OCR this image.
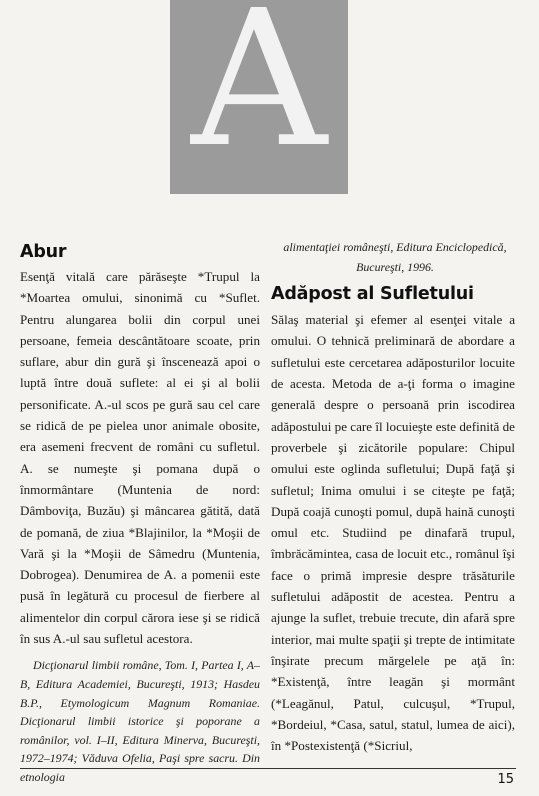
A
Abur

Esenţă vitală care părăseşte *Trupul la *Moartea omului, sinonimă cu *Suflet. Pentru alungarea bolii din corpul unei persoane, femeia descântătoare scoate, prin suflare, abur din gură şi înscenează apoi o luptă între două suflete: al ei şi al bolii personificate. A.-ul scos pe gură sau cel care se ridică de pe pielea unor animale obosite, era asemeni frecvent de români cu sufletul. A. se numeşte şi pomana după o înmormântare (Muntenia de nord: Dâmboviţa, Buzău) şi mâncarea gătită, dată de pomană, de ziua *Blajinilor, la *Moşii de Vară şi la *Moşii de Sâmedru (Muntenia, Dobrogea). Denumirea de A. a pomenii este pusă în legătură cu procesul de fierbere al alimentelor din corpul cărora iese şi se ridică în sus A.-ul sau sufletul acestora.

Dicţionarul limbii române, Tom. I, Partea I, A–B, Editura Academiei, Bucureşti, 1913; Hasdeu B.P., Etymologicum Magnum Romaniae. Dicţionarul limbii istorice şi poporane a românilor, vol. I–II, Editura Minerva, Bucureşti, 1972–1974; Văduva Ofelia, Paşi spre sacru. Din etnologia

alimentaţiei româneşti, Editura Enciclopedică, Bucureşti, 1996.

Adăpost al Sufletului

Sălaş material şi efemer al esenţei vitale a omului. O tehnică preliminară de abordare a sufletului este cercetarea adăposturilor locuite de acesta. Metoda de a-ţi forma o imagine generală despre o persoană prin iscodirea adăpostului pe care îl locuieşte este definită de proverbele şi zicătorile populare: Chipul omului este oglinda sufletului; După faţă şi sufletul; Inima omului i se citeşte pe faţă; După coajă cunoşti pomul, după haină cunoşti omul etc. Studiind pe dinafară trupul, îmbrăcămintea, casa de locuit etc., românul îşi face o primă impresie despre trăsăturile sufletului adăpostit de acestea. Pentru a ajunge la suflet, trebuie trecute, din afară spre interior, mai multe spaţii şi trepte de intimitate înşirate precum mărgelele pe aţă în: *Existenţă, între leagăn şi mormânt (*Leagănul, Patul, culcuşul, *Trupul, *Bordeiul, *Casa, satul, statul, lumea de aici), în *Postexistenţă (*Sicriul,

15
